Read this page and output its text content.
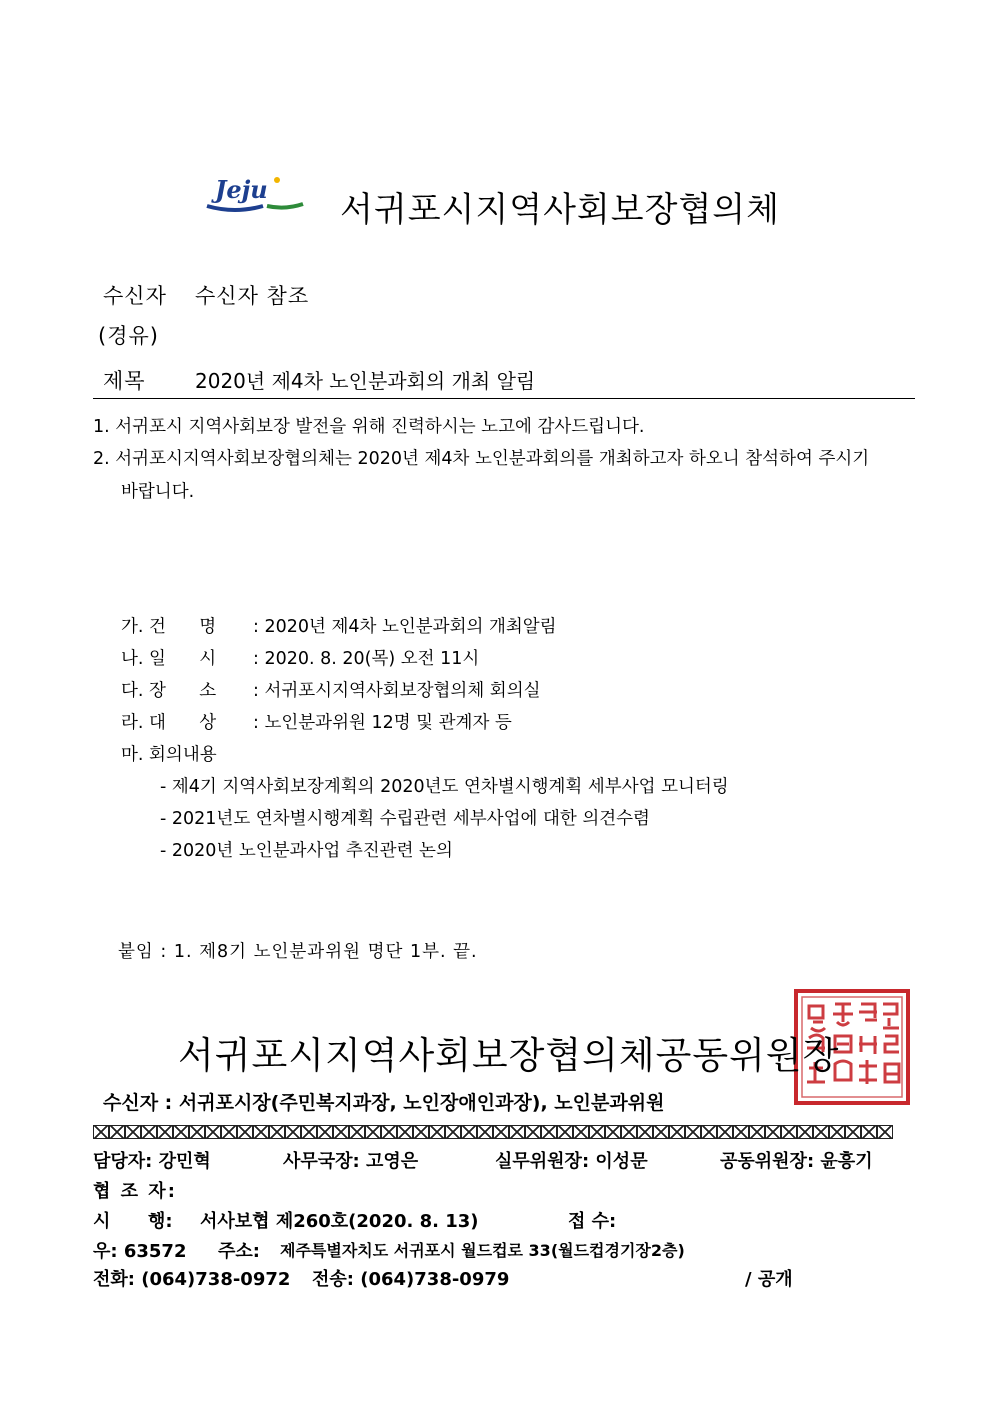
Jeju
서귀포시지역사회보장협의체
수신자 수신자 참조
(경유)
제목 2020년 제4차 노인분과회의 개최 알림
1. 서귀포시 지역사회보장 발전을 위해 진력하시는 노고에 감사드립니다.
2. 서귀포시지역사회보장협의체는 2020년 제4차 노인분과회의를 개최하고자 하오니 참석하여 주시기
바랍니다.
가. 건      명 : 2020년 제4차 노인분과회의 개최알림
나. 일      시 : 2020. 8. 20(목) 오전 11시
다. 장      소 : 서귀포시지역사회보장협의체 회의실
라. 대      상 : 노인분과위원 12명 및 관계자 등
마. 회의내용
- 제4기 지역사회보장계획의 2020년도 연차별시행계획 세부사업 모니터링
- 2021년도 연차별시행계획 수립관련 세부사업에 대한 의견수렴
- 2020년 노인분과사업 추진관련 논의
붙임 : 1. 제8기 노인분과위원 명단 1부. 끝.
서귀포시지역사회보장협의체공동위원장
수신자 : 서귀포시장(주민복지과장, 노인장애인과장), 노인분과위원
담당자: 강민혁	사무국장: 고영은	실무위원장: 이성문	공동위원장: 윤흥기
협 조 자:
시      행: 서사보협 제260호(2020. 8. 13)	접 수:
우: 63572 주소: 제주특별자치도 서귀포시 월드컵로 33(월드컵경기장2층)
전화: (064)738-0972 전송: (064)738-0979	/ 공개
